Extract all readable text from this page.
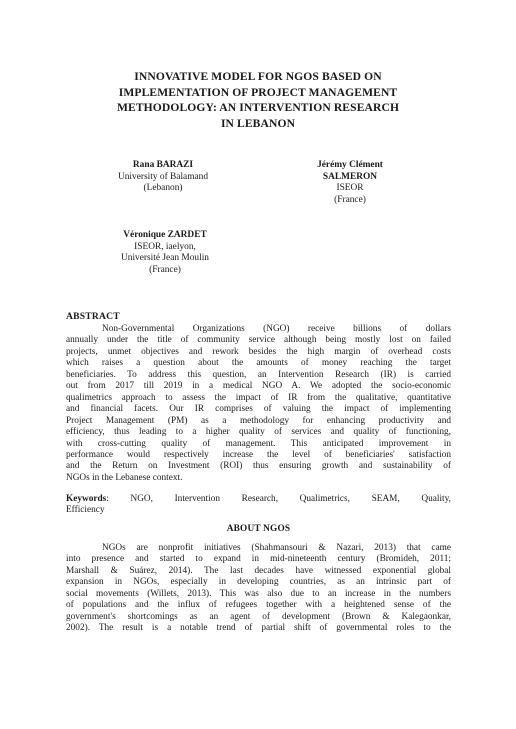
INNOVATIVE MODEL FOR NGOS BASED ON
IMPLEMENTATION OF PROJECT MANAGEMENT
METHODOLOGY: AN INTERVENTION RESEARCH
IN LEBANON
Rana BARAZI
University of Balamand
(Lebanon)
Jérémy Clément
SALMERON
ISEOR
(France)
Véronique ZARDET
ISEOR, iaelyon,
Université Jean Moulin
(France)
ABSTRACT
Non-Governmental Organizations (NGO) receive billions of dollars
annually under the title of community service although being mostly lost on failed
projects, unmet objectives and rework besides the high margin of overhead costs
which raises a question about the amounts of money reaching the target
beneficiaries. To address this question, an Intervention Research (IR) is carried
out from 2017 till 2019 in a medical NGO A. We adopted the socio-economic
qualimetrics approach to assess the impact of IR from the qualitative, quantitative
and financial facets. Our IR comprises of valuing the impact of implementing
Project Management (PM) as a methodology for enhancing productivity and
efficiency, thus leading to a higher quality of services and quality of functioning,
with cross-cutting quality of management. This anticipated improvement in
performance would respectively increase the level of beneficiaries' satisfaction
and the Return on Investment (ROI) thus ensuring growth and sustainability of
NGOs in the Lebanese context.
Keywords: NGO, Intervention Research, Qualimetrics, SEAM, Quality,
Efficiency
ABOUT NGOS
NGOs are nonprofit initiatives (Shahmansouri & Nazari, 2013) that came
into presence and started to expand in mid-nineteenth century (Bromideh, 2011;
Marshall & Suárez, 2014). The last decades have witnessed exponential global
expansion in NGOs, especially in developing countries, as an intrinsic part of
social movements (Willets, 2013). This was also due to an increase in the numbers
of populations and the influx of refugees together with a heightened sense of the
government's shortcomings as an agent of development (Brown & Kalegaonkar,
2002). The result is a notable trend of partial shift of governmental roles to the
